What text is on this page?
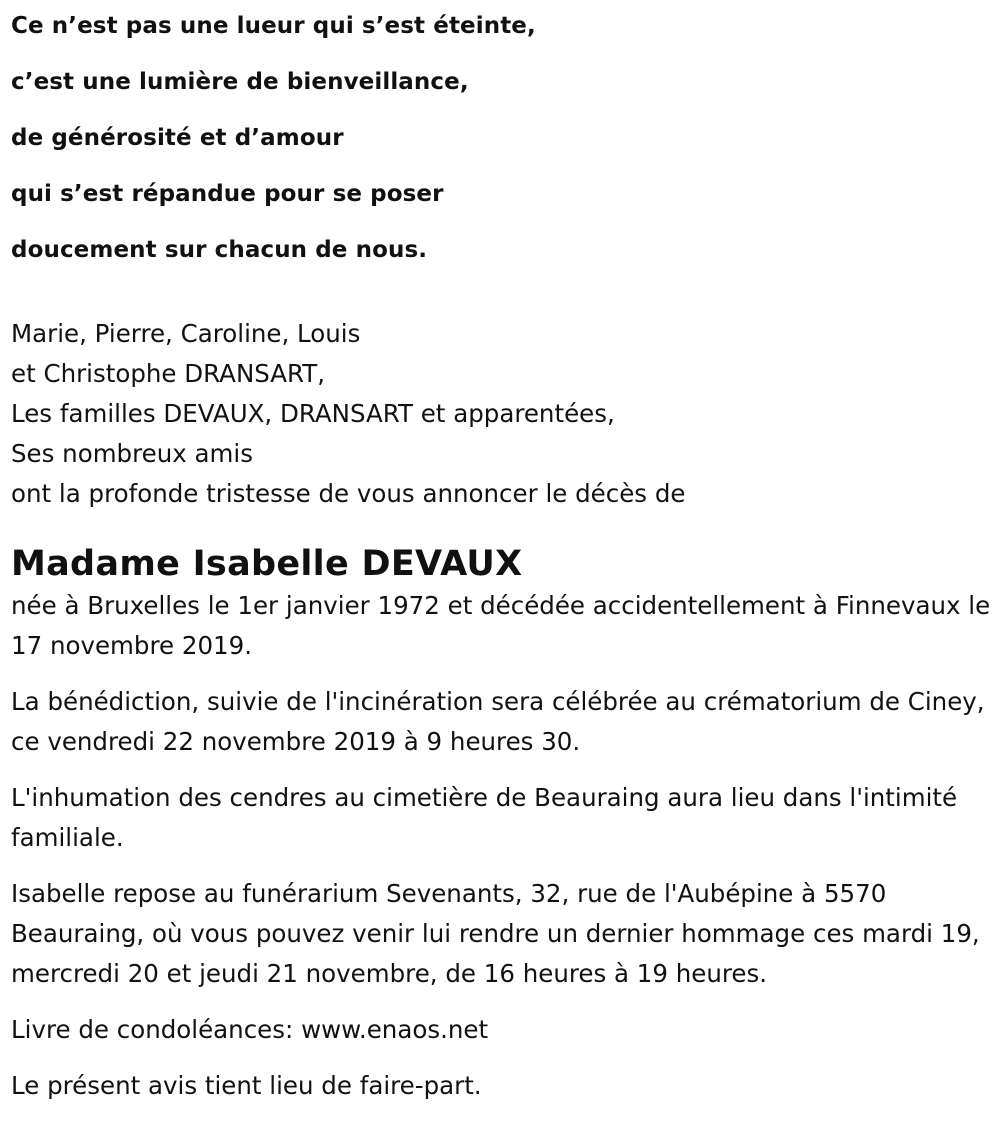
Ce n’est pas une lueur qui s’est éteinte,

c’est une lumière de bienveillance,

de générosité et d’amour

qui s’est répandue pour se poser

doucement sur chacun de nous.

Marie, Pierre, Caroline, Louis

et Christophe DRANSART,

Les familles DEVAUX, DRANSART et apparentées,

Ses nombreux amis

ont la profonde tristesse de vous annoncer le décès de

Madame Isabelle DEVAUX

née à Bruxelles le 1er janvier 1972 et décédée accidentellement à Finnevaux le 17 novembre 2019.

La bénédiction, suivie de l'incinération sera célébrée au crématorium de Ciney, ce vendredi 22 novembre 2019 à 9 heures 30.

L'inhumation des cendres au cimetière de Beauraing aura lieu dans l'intimité familiale.

Isabelle repose au funérarium Sevenants, 32, rue de l'Aubépine à 5570 Beauraing, où vous pouvez venir lui rendre un dernier hommage ces mardi 19, mercredi 20 et jeudi 21 novembre, de 16 heures à 19 heures.

Livre de condoléances: www.enaos.net

Le présent avis tient lieu de faire-part.
